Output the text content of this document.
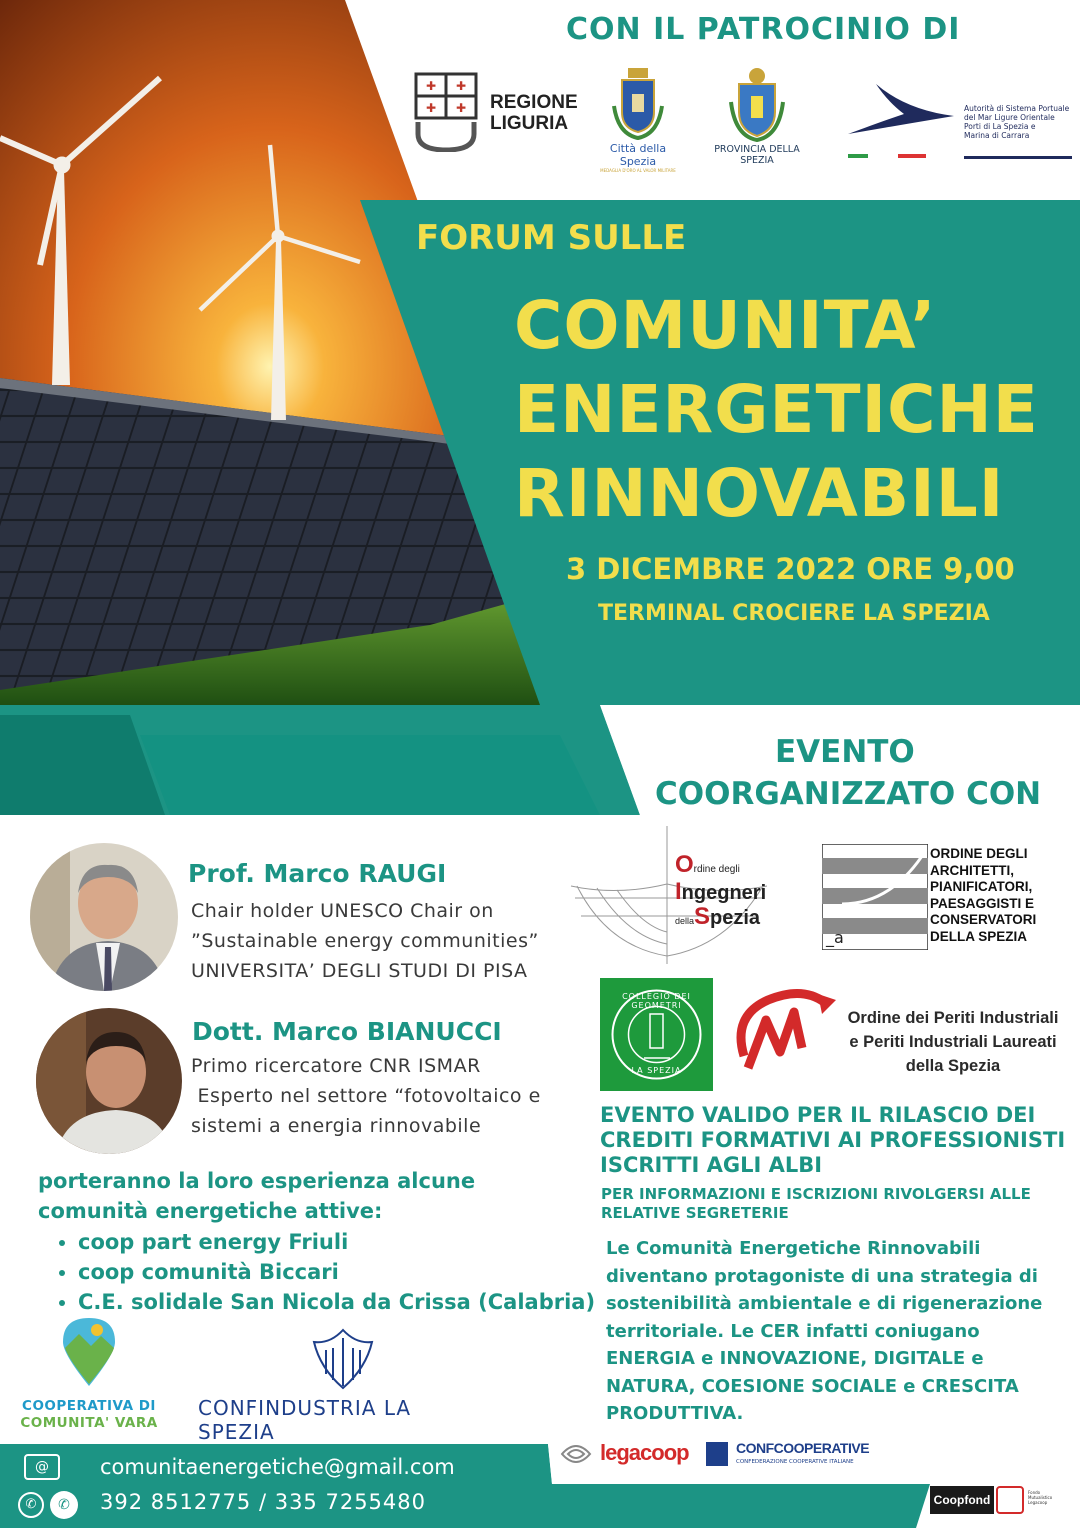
CON IL PATROCINIO DI
✚ ✚
✚ ✚ REGIONE
LIGURIA
Città della Spezia
MEDAGLIA D'ORO AL VALOR MILITARE
PROVINCIA DELLA SPEZIA
Autorità di Sistema Portuale
del Mar Ligure Orientale
Porti di La Spezia e
Marina di Carrara
FORUM SULLE
COMUNITA’
ENERGETICHE
RINNOVABILI
3 DICEMBRE 2022 ORE 9,00
TERMINAL CROCIERE LA SPEZIA
EVENTO
COORGANIZZATO CON
Ordine degli
Ingegneri
dellaSpezia
_a
ORDINE DEGLI
ARCHITETTI,
PIANIFICATORI,
PAESAGGISTI E
CONSERVATORI
DELLA SPEZIA
COLLEGIO DEI GEOMETRI
LA SPEZIA
Ordine dei Periti Industriali
e Periti Industriali Laureati
della Spezia
Prof. Marco RAUGI
Chair holder UNESCO Chair on
”Sustainable energy communities”
UNIVERSITA’ DEGLI STUDI DI PISA
Dott. Marco BIANUCCI
Primo ricercatore CNR ISMAR
Esperto nel settore “fotovoltaico e
sistemi a energia rinnovabile
porteranno la loro esperienza alcune comunità energetiche attive:
• coop part energy Friuli
• coop comunità Biccari
• C.E. solidale San Nicola da Crissa (Calabria)
EVENTO VALIDO PER IL RILASCIO DEI CREDITI FORMATIVI AI PROFESSIONISTI ISCRITTI AGLI ALBI
PER INFORMAZIONI E ISCRIZIONI RIVOLGERSI ALLE RELATIVE SEGRETERIE
Le Comunità Energetiche Rinnovabili diventano protagoniste di una strategia di sostenibilità ambientale e di rigenerazione territoriale. Le CER infatti coniugano ENERGIA e INNOVAZIONE, DIGITALE e NATURA, COESIONE SOCIALE e CRESCITA PRODUTTIVA.
COOPERATIVA DI
COMUNITA' VARA
CONFINDUSTRIA LA SPEZIA
legacoop	CONFCOOPERATIVE
CONFEDERAZIONE COOPERATIVE ITALIANE
@
✆	✆
comunitaenergetiche@gmail.com
392 8512775 / 335 7255480	Coopfond
Fondo
Mutualistico
Legacoop
